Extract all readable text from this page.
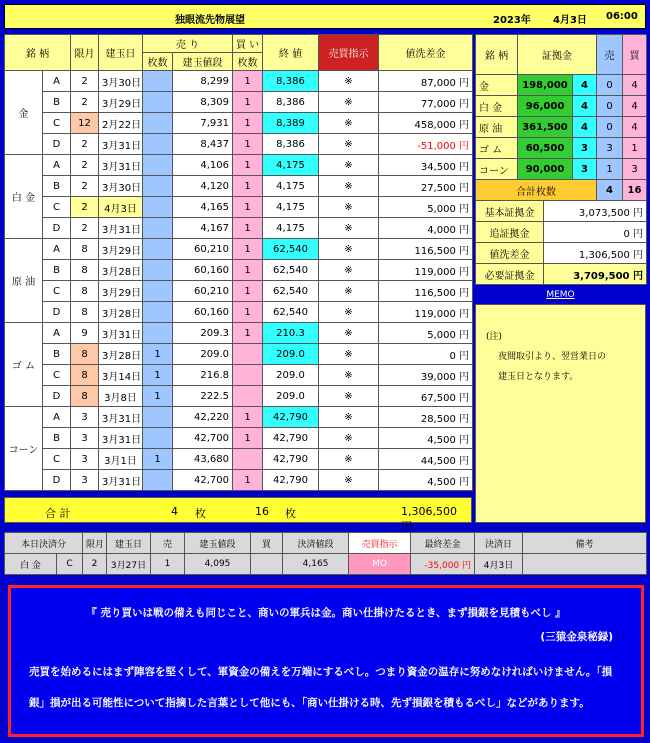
独眼流先物展望	2023年 4月3日 06:00
銘 柄		限月	建玉日	売 り		買 い	終 値	売買指示	値洗差金
				枚数	建玉値段	枚数			
金	A	2	3月30日		8,299	1	8,386	※	87,000 円
	B	2	3月29日		8,309	1	8,386	※	77,000 円
	C	12	2月22日		7,931	1	8,389	※	458,000 円
	D	2	3月31日		8,437	1	8,386	※	-51,000 円
白 金	A	2	3月31日		4,106	1	4,175	※	34,500 円
	B	2	3月30日		4,120	1	4,175	※	27,500 円
	C	2	4月3日		4,165	1	4,175	※	5,000 円
	D	2	3月31日		4,167	1	4,175	※	4,000 円
原 油	A	8	3月29日		60,210	1	62,540	※	116,500 円
	B	8	3月28日		60,160	1	62,540	※	119,000 円
	C	8	3月29日		60,210	1	62,540	※	116,500 円
	D	8	3月28日		60,160	1	62,540	※	119,000 円
ゴ ム	A	9	3月31日		209.3	1	210.3	※	5,000 円
	B	8	3月28日	1	209.0		209.0	※	0 円
	C	8	3月14日	1	216.8		209.0	※	39,000 円
	D	8	3月8日	1	222.5		209.0	※	67,500 円
コーン	A	3	3月31日		42,220	1	42,790	※	28,500 円
	B	3	3月31日		42,700	1	42,790	※	4,500 円
	C	3	3月1日	1	43,680		42,790	※	44,500 円
	D	3	3月31日		42,700	1	42,790	※	4,500 円
合 計	4 枚	16 枚	1,306,500 円
銘 柄	証拠金		売	買
金	198,000	4	0	4
白 金	96,000	4	0	4
原 油	361,500	4	0	4
ゴ ム	60,500	3	3	1
コーン	90,000	3	1	3
合計枚数			4	16
基本証拠金	3,073,500 円
追証拠金	0 円
値洗差金	1,306,500 円
必要証拠金	3,709,500 円
MEMO
(注)
夜間取引より、翌営業日の
建玉日となります。
本日決済分		限月	建玉日	売	建玉値段	買	決済値段	売買指示	最終差金	決済日	備考
白 金	C	2	3月27日	1	4,095		4,165	MO	-35,000 円	4月3日	
『 売り買いは戦の備えも同じこと、商いの軍兵は金。商い仕掛けたるとき、まず損銀を見積もべし 』
(三猿金泉秘録)
売買を始めるにはまず陣容を堅くして、軍資金の備えを万端にするべし。つまり資金の温存に努めなければいけません。「損銀」損が出る可能性について指摘した言葉として他にも、「商い仕掛ける時、先ず損銀を積もるべし」などがあります。
